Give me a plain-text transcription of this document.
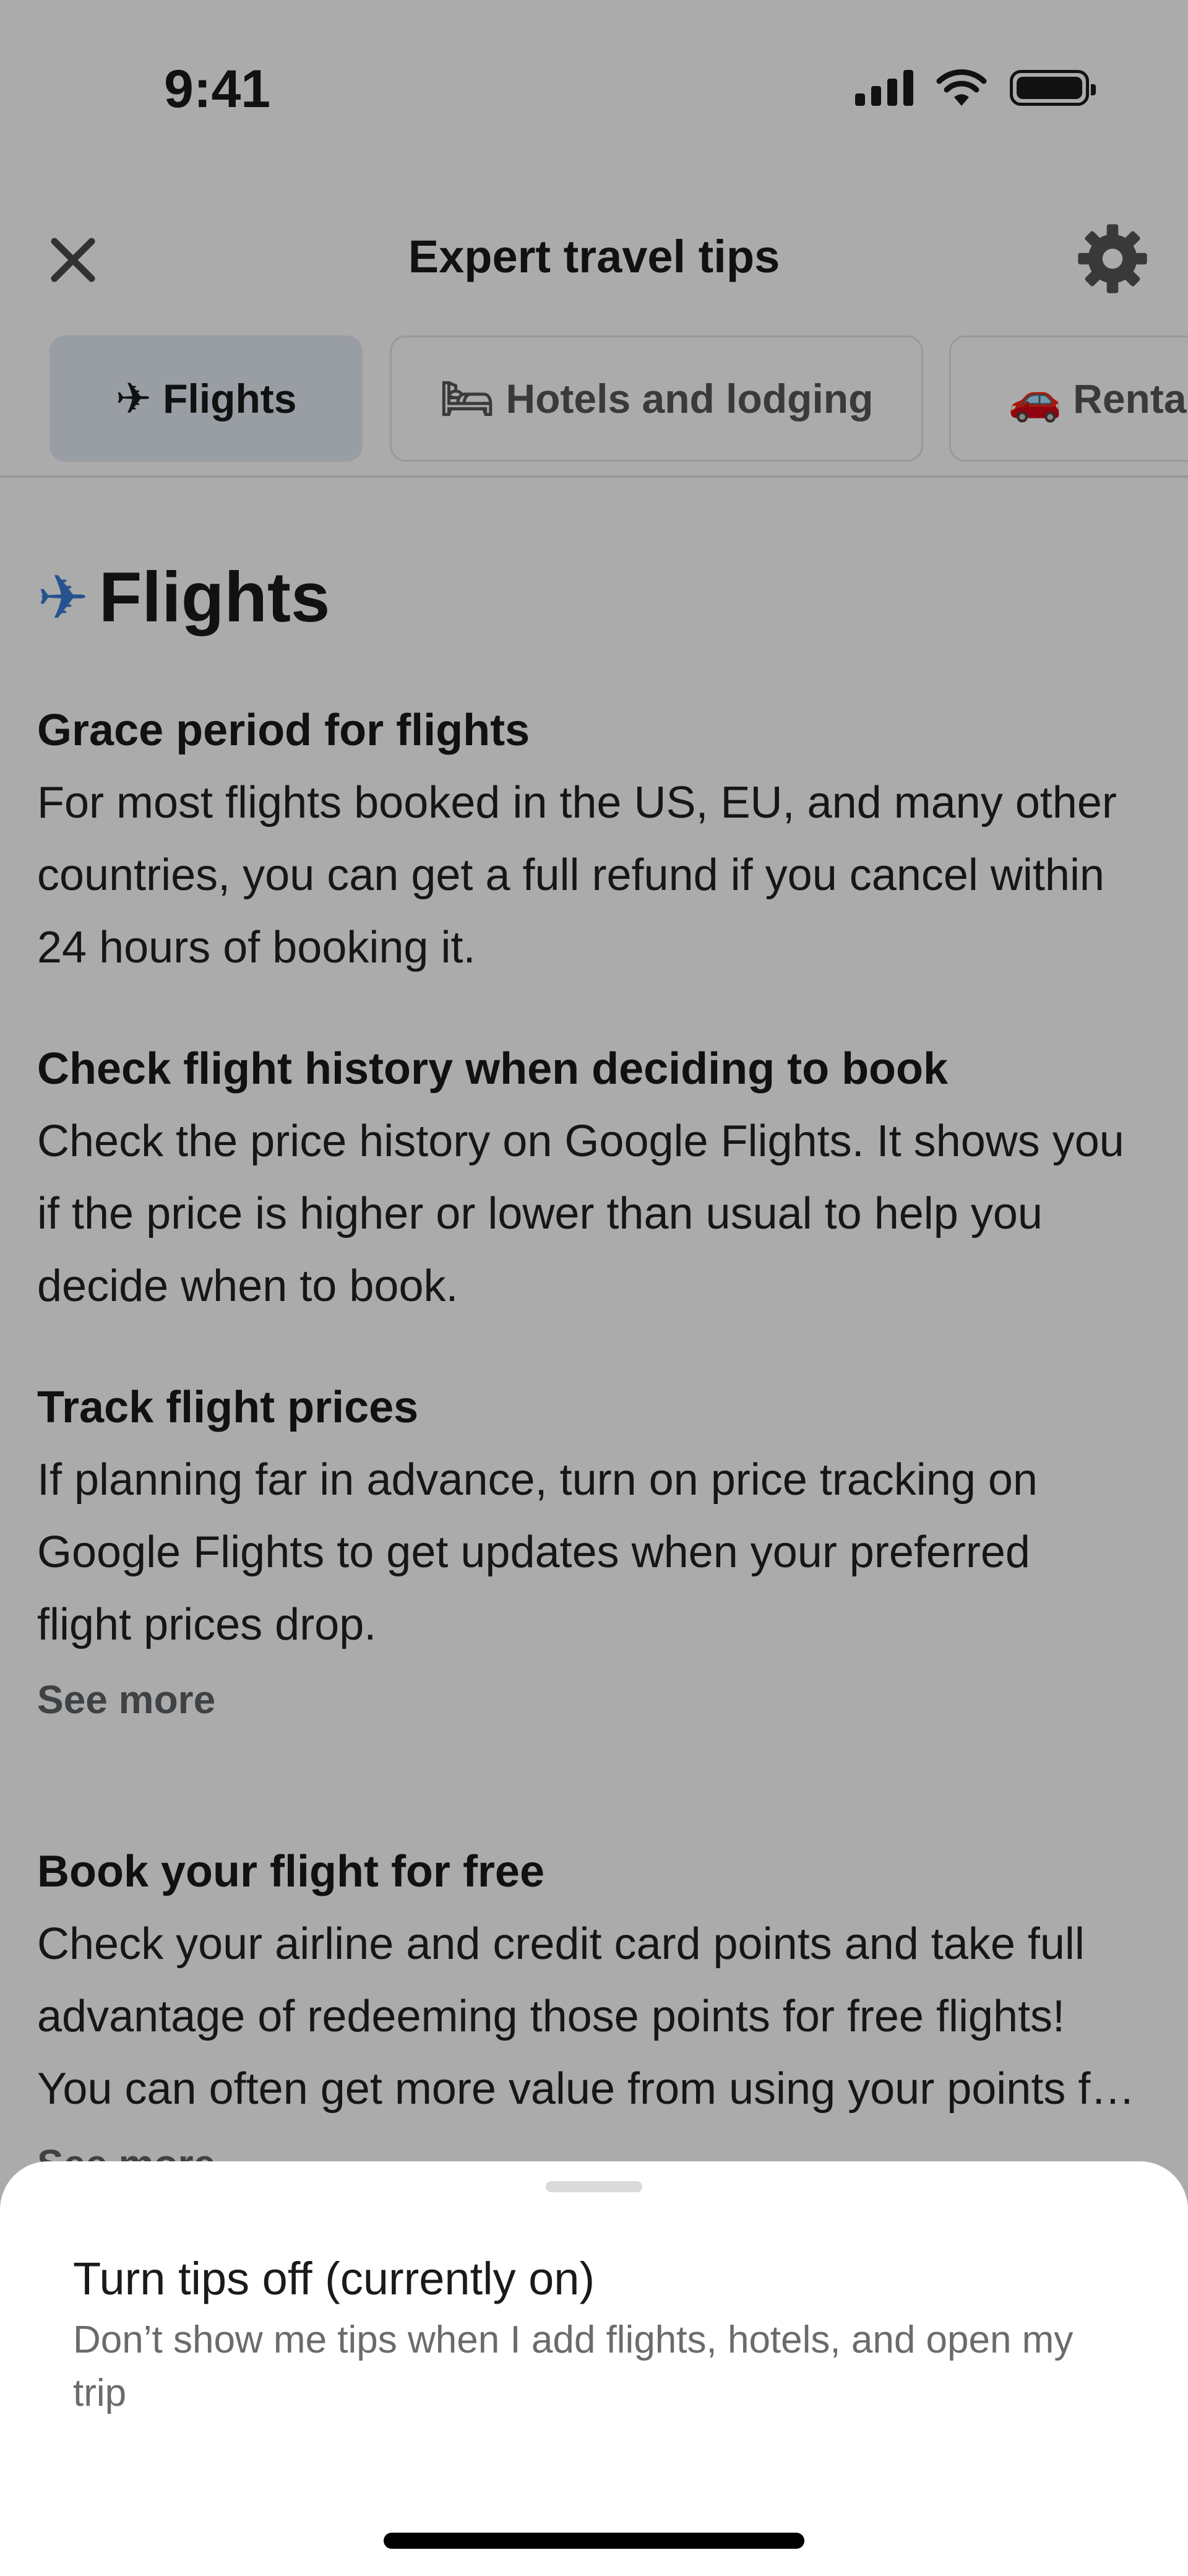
9:41
Expert travel tips
✈ Flights	🛏 Hotels and lodging	🚗 Renta
✈ Flights
Grace period for flights

For most flights booked in the US, EU, and many other

countries, you can get a full refund if you cancel within

24 hours of booking it.

Check flight history when deciding to book

Check the price history on Google Flights. It shows you

if the price is higher or lower than usual to help you

decide when to book.

Track flight prices

If planning far in advance, turn on price tracking on

Google Flights to get updates when your preferred

flight prices drop.

See more
Book your flight for free

Check your airline and credit card points and take full

advantage of redeeming those points for free flights!

You can often get more value from using your points f…

Turn tips off (currently on)
Don’t show me tips when I add flights, hotels, and open my
trip
